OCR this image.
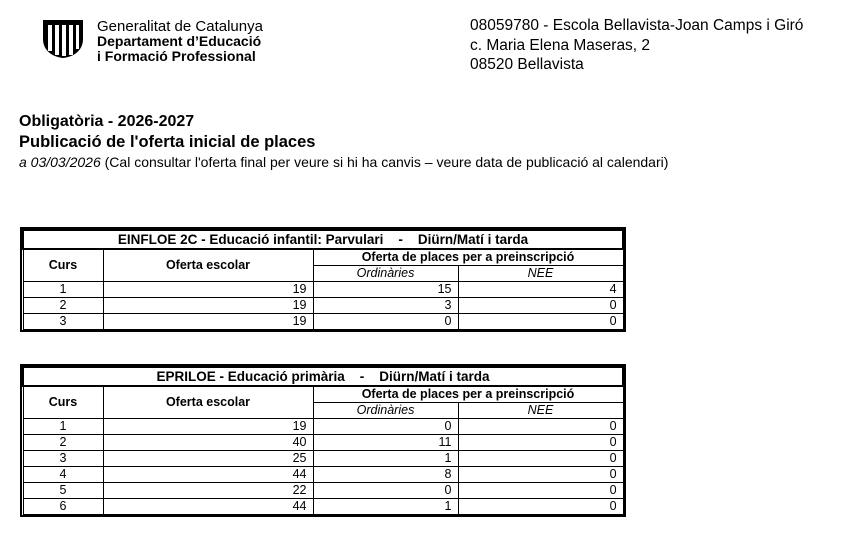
Generalitat de Catalunya
Departament d’Educació
i Formació Professional
08059780 - Escola Bellavista-Joan Camps i Giró
c. Maria Elena Maseras, 2
08520 Bellavista
Obligatòria - 2026-2027
Publicació de l'oferta inicial de places
a 03/03/2026 (Cal consultar l'oferta final per veure si hi ha canvis – veure data de publicació al calendari)
EINFLOE 2C - Educació infantil: Parvulari    -    Diürn/Matí i tarda			
Curs	Oferta escolar	Oferta de places per a preinscripció	
		Ordinàries	NEE
1	19	15	4
2	19	3	0
3	19	0	0
EPRILOE - Educació primària    -    Diürn/Matí i tarda			
Curs	Oferta escolar	Oferta de places per a preinscripció	
		Ordinàries	NEE
1	19	0	0
2	40	11	0
3	25	1	0
4	44	8	0
5	22	0	0
6	44	1	0
